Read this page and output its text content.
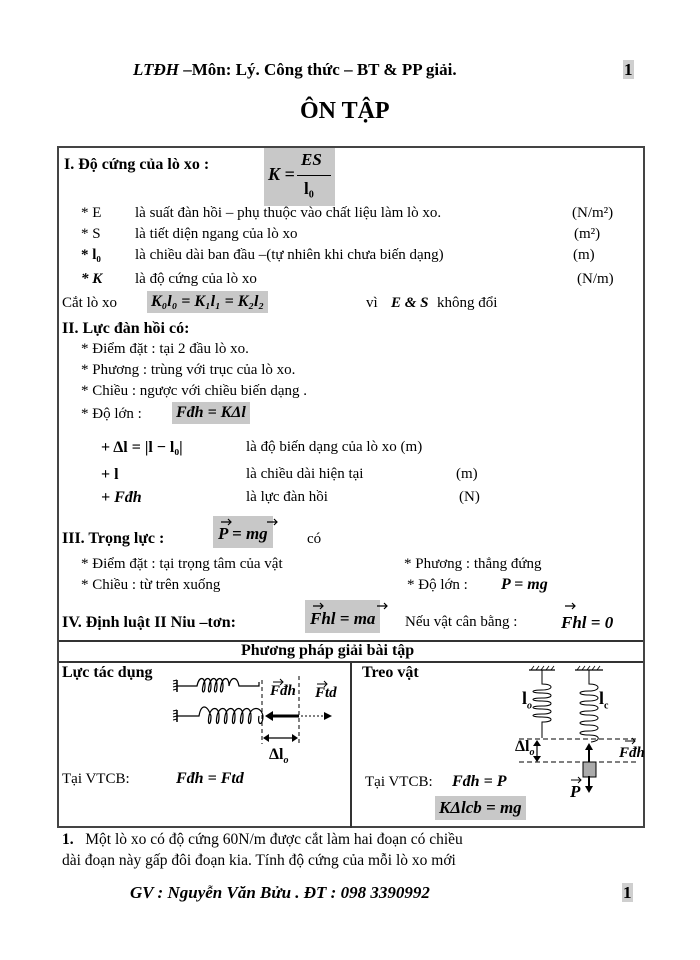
LTĐH –Môn: Lý. Công thức – BT & PP giải.	1
ÔN TẬP
I. Độ cứng của lò xo :	K =
ES
l₀
* E là suất đàn hồi – phụ thuộc vào chất liệu làm lò xo.	(N/m²)
* S là tiết diện ngang của lò xo	(m²)
* l₀ là chiều dài ban đầu –(tự nhiên khi chưa biến dạng)	(m)
* K là độ cứng của lò xo	(N/m)
Cắt lò xo K₀l₀ = K₁l₁ = K₂l₂	vì E & S không đổi
II. Lực đàn hồi có:
* Điểm đặt : tại 2 đầu lò xo.
* Phương : trùng với trục của lò xo.
* Chiều : ngược với chiều biến dạng .
* Độ lớn : Fđh = KΔl
+ Δl = |l − l₀|	là độ biến dạng của lò xo (m)
+ l	là chiều dài hiện tại	(m)
+ Fđh	là lực đàn hồi	(N)
III. Trọng lực :	P = mg	có
* Điểm đặt : tại trọng tâm của vật	* Phương : thẳng đứng
* Chiều : từ trên xuống	* Độ lớn : P = mg
IV. Định luật II Niu –tơn:	Fhl = ma	Nếu vật cân bằng :	Fhl = 0
Phương pháp giải bài tập
Lực tác dụng
Fđh Ftd
$\Delta l_o$
Tại VTCB:	Fđh = Ftd
Treo vật
$l_o$	$l_c$
$\Delta l_o$	Fđh
P
Tại VTCB: Fđh = P
KΔlcb = mg
1. Một lò xo có độ cứng 60N/m được cắt làm hai đoạn có chiều
dài đoạn này gấp đôi đoạn kia. Tính độ cứng của mỗi lò xo mới
GV : Nguyễn Văn Bửu . ĐT : 098 3390992	1
